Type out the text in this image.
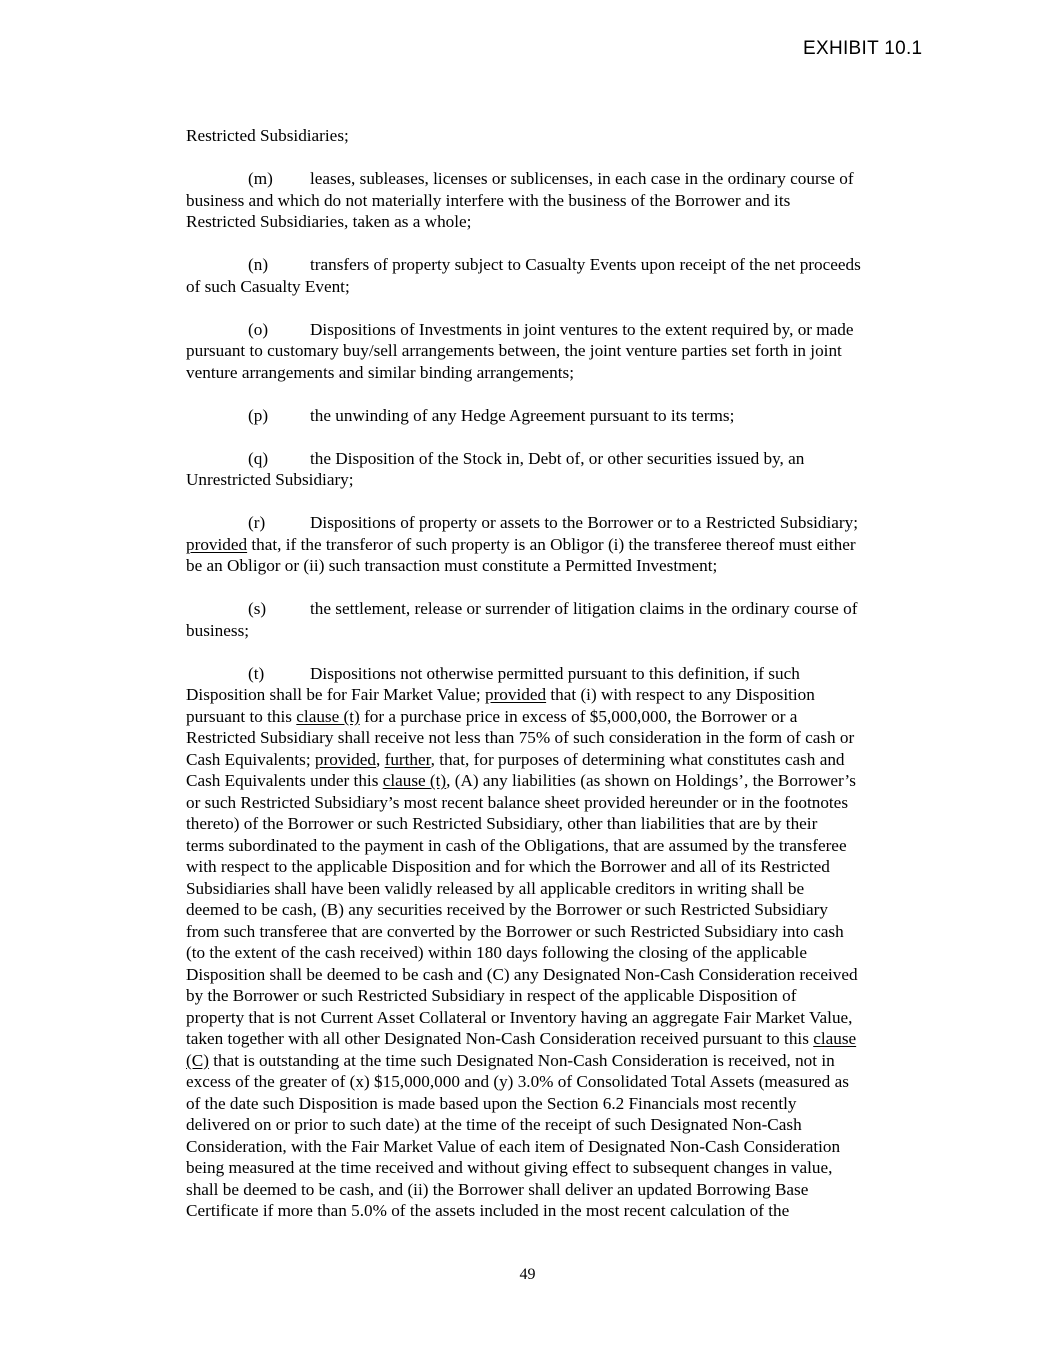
EXHIBIT 10.1

Restricted Subsidiaries;

(m) leases, subleases, licenses or sublicenses, in each case in the ordinary course of
business and which do not materially interfere with the business of the Borrower and its
Restricted Subsidiaries, taken as a whole;

(n) transfers of property subject to Casualty Events upon receipt of the net proceeds
of such Casualty Event;

(o) Dispositions of Investments in joint ventures to the extent required by, or made
pursuant to customary buy/sell arrangements between, the joint venture parties set forth in joint
venture arrangements and similar binding arrangements;

(p) the unwinding of any Hedge Agreement pursuant to its terms;

(q) the Disposition of the Stock in, Debt of, or other securities issued by, an
Unrestricted Subsidiary;

(r)	Dispositions of property or assets to the Borrower or to a Restricted Subsidiary;
provided that, if the transferor of such property is an Obligor (i) the transferee thereof must either
be an Obligor or (ii) such transaction must constitute a Permitted Investment;

(s)	the settlement, release or surrender of litigation claims in the ordinary course of
business;

(t)	Dispositions not otherwise permitted pursuant to this definition, if such
Disposition shall be for Fair Market Value; provided that (i) with respect to any Disposition
pursuant to this clause (t) for a purchase price in excess of $5,000,000, the Borrower or a
Restricted Subsidiary shall receive not less than 75% of such consideration in the form of cash or
Cash Equivalents; provided, further, that, for purposes of determining what constitutes cash and
Cash Equivalents under this clause (t), (A) any liabilities (as shown on Holdings’, the Borrower’s
or such Restricted Subsidiary’s most recent balance sheet provided hereunder or in the footnotes
thereto) of the Borrower or such Restricted Subsidiary, other than liabilities that are by their
terms subordinated to the payment in cash of the Obligations, that are assumed by the transferee
with respect to the applicable Disposition and for which the Borrower and all of its Restricted
Subsidiaries shall have been validly released by all applicable creditors in writing shall be
deemed to be cash, (B) any securities received by the Borrower or such Restricted Subsidiary
from such transferee that are converted by the Borrower or such Restricted Subsidiary into cash
(to the extent of the cash received) within 180 days following the closing of the applicable
Disposition shall be deemed to be cash and (C) any Designated Non-Cash Consideration received
by the Borrower or such Restricted Subsidiary in respect of the applicable Disposition of
property that is not Current Asset Collateral or Inventory having an aggregate Fair Market Value,
taken together with all other Designated Non-Cash Consideration received pursuant to this clause
(C) that is outstanding at the time such Designated Non-Cash Consideration is received, not in
excess of the greater of (x) $15,000,000 and (y) 3.0% of Consolidated Total Assets (measured as
of the date such Disposition is made based upon the Section 6.2 Financials most recently
delivered on or prior to such date) at the time of the receipt of such Designated Non-Cash
Consideration, with the Fair Market Value of each item of Designated Non-Cash Consideration
being measured at the time received and without giving effect to subsequent changes in value,
shall be deemed to be cash, and (ii) the Borrower shall deliver an updated Borrowing Base
Certificate if more than 5.0% of the assets included in the most recent calculation of the

49
